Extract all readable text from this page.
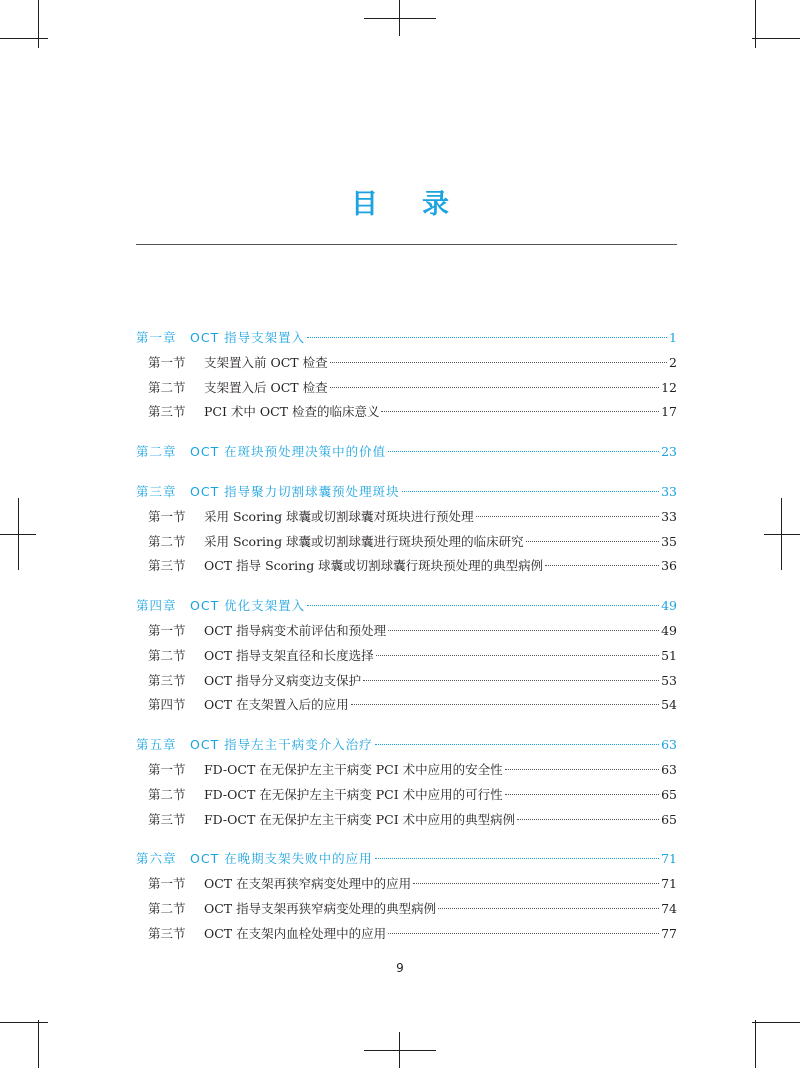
目 录
第一章	OCT 指导支架置入	1
第一节	支架置入前 OCT 检查	2
第二节	支架置入后 OCT 检查	12
第三节	PCI 术中 OCT 检查的临床意义	17
第二章	OCT 在斑块预处理决策中的价值	23
第三章	OCT 指导聚力切割球囊预处理斑块	33
第一节	采用 Scoring 球囊或切割球囊对斑块进行预处理	33
第二节	采用 Scoring 球囊或切割球囊进行斑块预处理的临床研究	35
第三节	OCT 指导 Scoring 球囊或切割球囊行斑块预处理的典型病例	36
第四章	OCT 优化支架置入	49
第一节	OCT 指导病变术前评估和预处理	49
第二节	OCT 指导支架直径和长度选择	51
第三节	OCT 指导分叉病变边支保护	53
第四节	OCT 在支架置入后的应用	54
第五章	OCT 指导左主干病变介入治疗	63
第一节	FD-OCT 在无保护左主干病变 PCI 术中应用的安全性	63
第二节	FD-OCT 在无保护左主干病变 PCI 术中应用的可行性	65
第三节	FD-OCT 在无保护左主干病变 PCI 术中应用的典型病例	65
第六章	OCT 在晚期支架失败中的应用	71
第一节	OCT 在支架再狭窄病变处理中的应用	71
第二节	OCT 指导支架再狭窄病变处理的典型病例	74
第三节	OCT 在支架内血栓处理中的应用	77
9
